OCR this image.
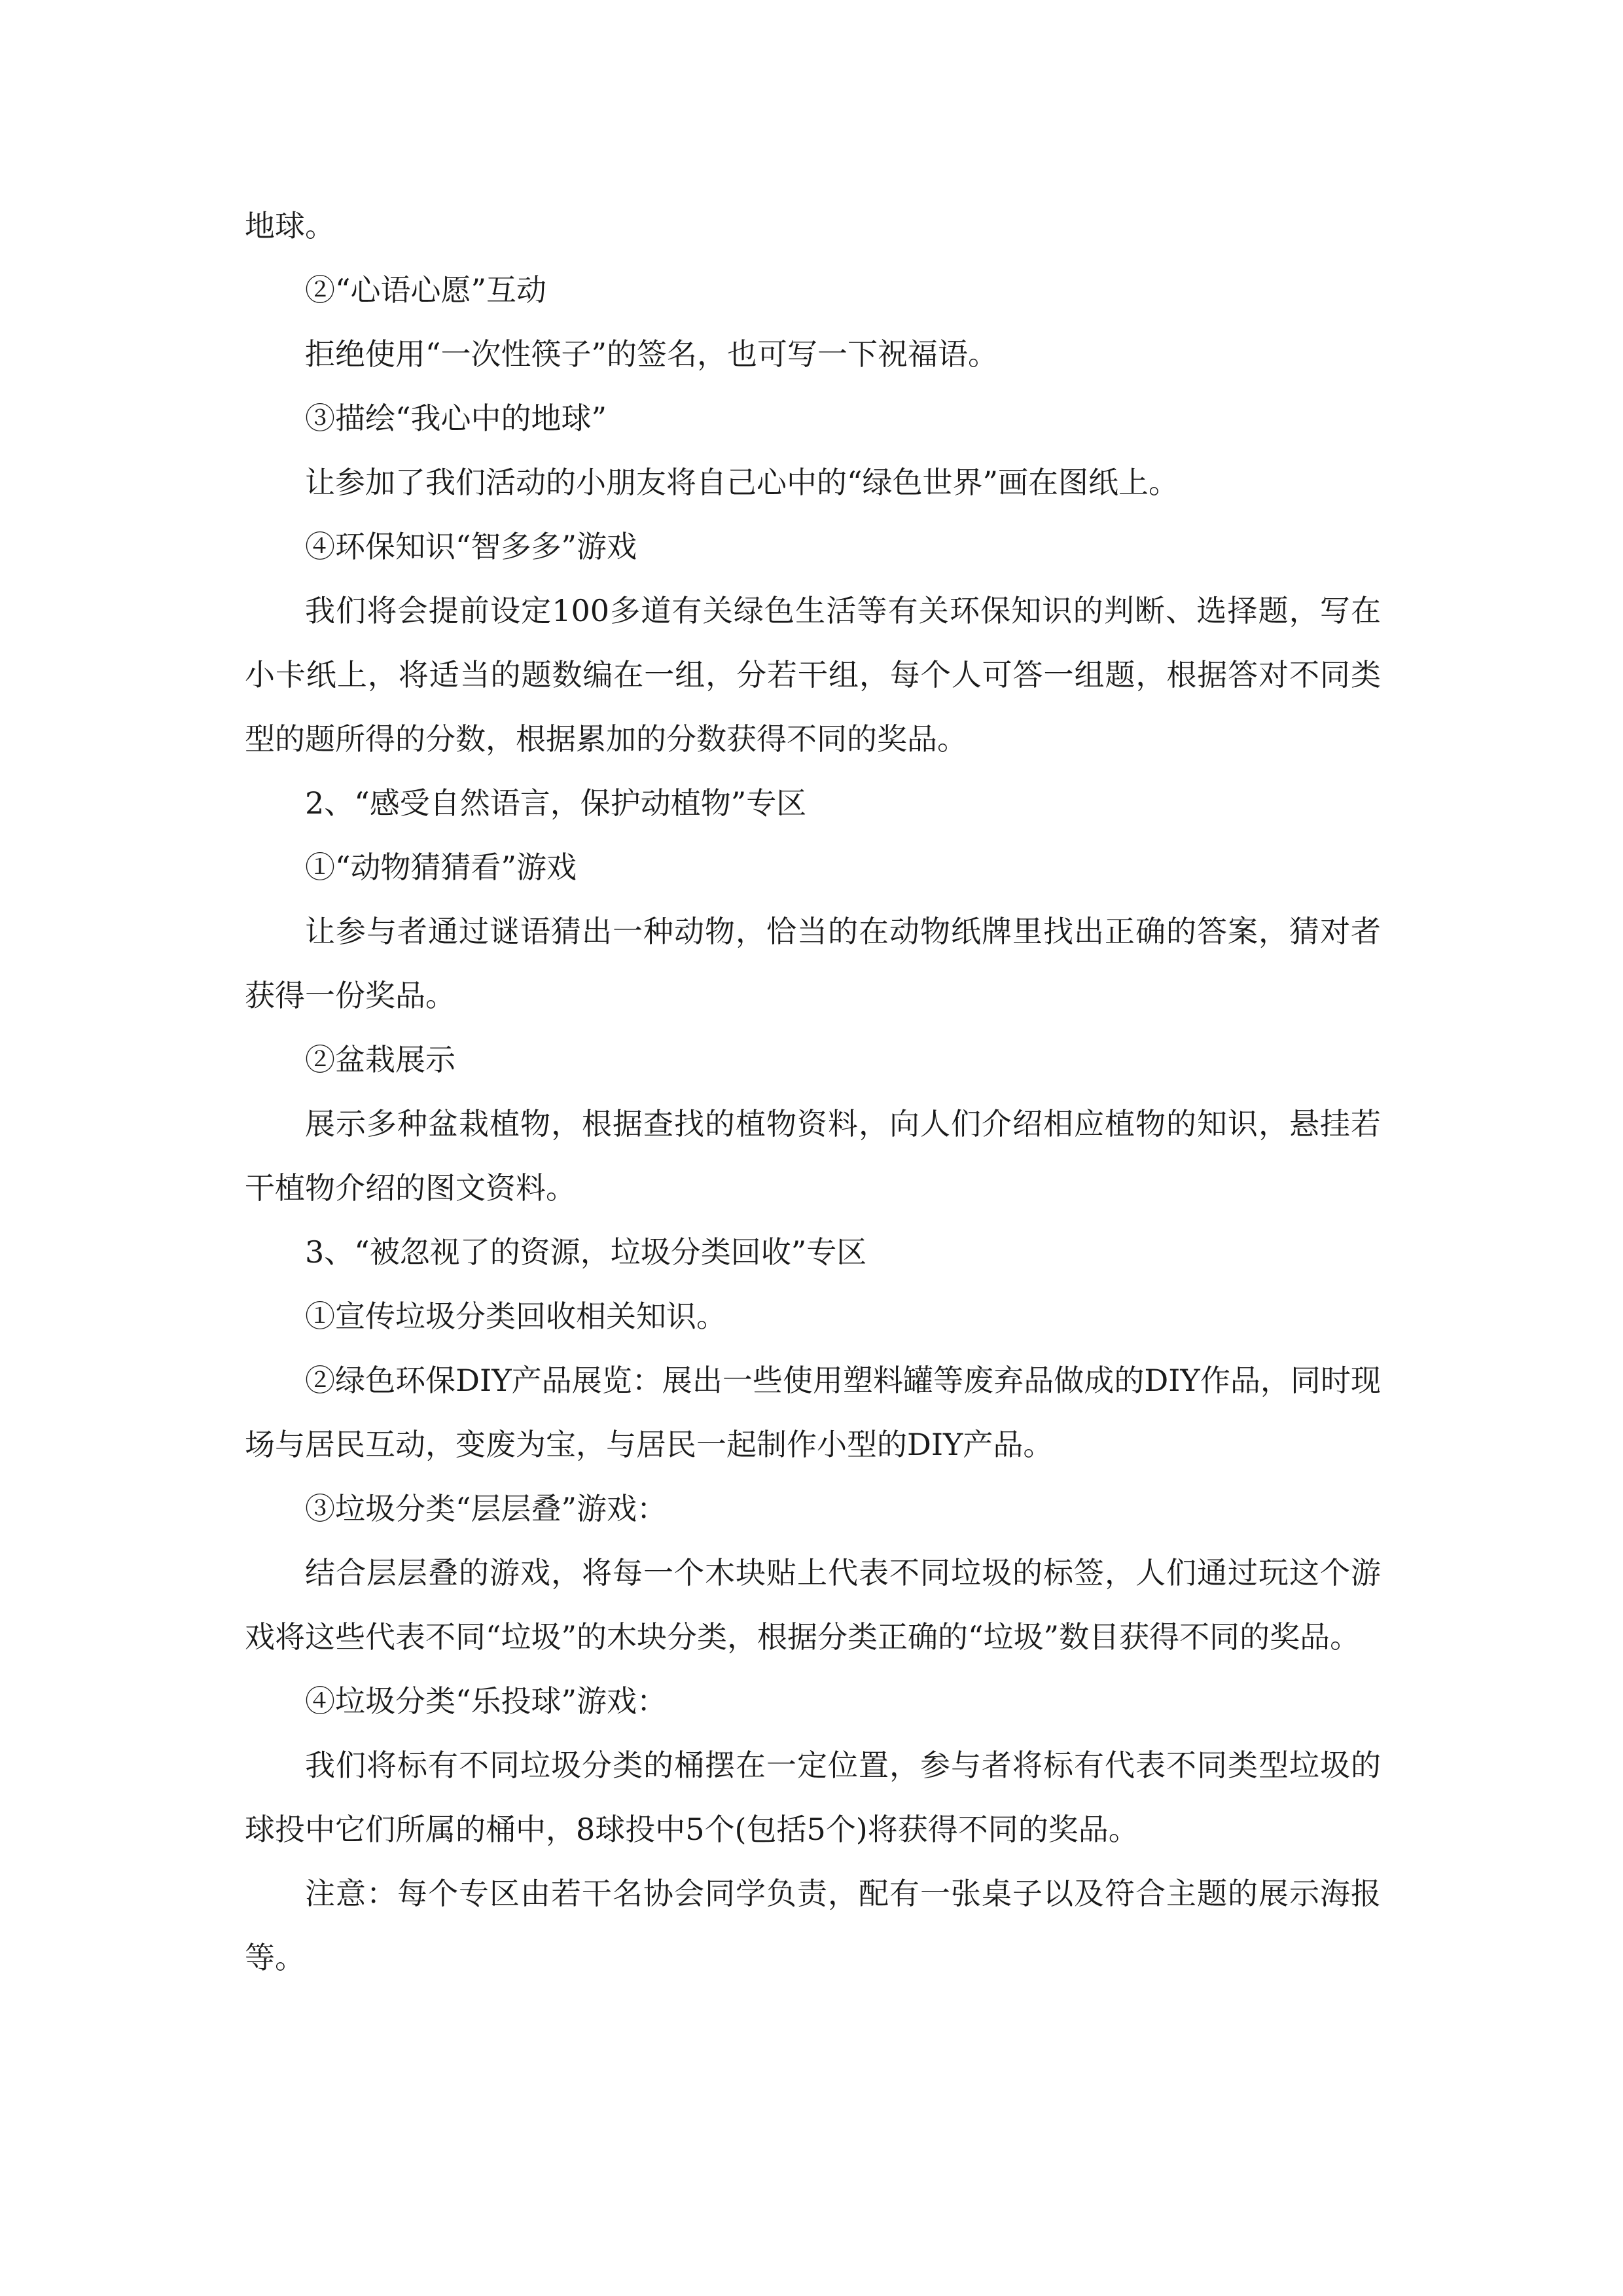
地球。

②“心语心愿”互动

拒绝使用“一次性筷子”的签名，也可写一下祝福语。

③描绘“我心中的地球”

让参加了我们活动的小朋友将自己心中的“绿色世界”画在图纸上。

④环保知识“智多多”游戏

我们将会提前设定100多道有关绿色生活等有关环保知识的判断、选择题，写在小卡纸上，将适当的题数编在一组，分若干组，每个人可答一组题，根据答对不同类型的题所得的分数，根据累加的分数获得不同的奖品。

2、“感受自然语言，保护动植物”专区

①“动物猜猜看”游戏

让参与者通过谜语猜出一种动物，恰当的在动物纸牌里找出正确的答案，猜对者获得一份奖品。

②盆栽展示

展示多种盆栽植物，根据查找的植物资料，向人们介绍相应植物的知识，悬挂若干植物介绍的图文资料。

3、“被忽视了的资源，垃圾分类回收”专区

①宣传垃圾分类回收相关知识。

②绿色环保DIY产品展览：展出一些使用塑料罐等废弃品做成的DIY作品，同时现场与居民互动，变废为宝，与居民一起制作小型的DIY产品。

③垃圾分类“层层叠”游戏：

结合层层叠的游戏，将每一个木块贴上代表不同垃圾的标签，人们通过玩这个游戏将这些代表不同“垃圾”的木块分类，根据分类正确的“垃圾”数目获得不同的奖品。

④垃圾分类“乐投球”游戏：

我们将标有不同垃圾分类的桶摆在一定位置，参与者将标有代表不同类型垃圾的球投中它们所属的桶中，8球投中5个(包括5个)将获得不同的奖品。

注意：每个专区由若干名协会同学负责，配有一张桌子以及符合主题的展示海报等。
